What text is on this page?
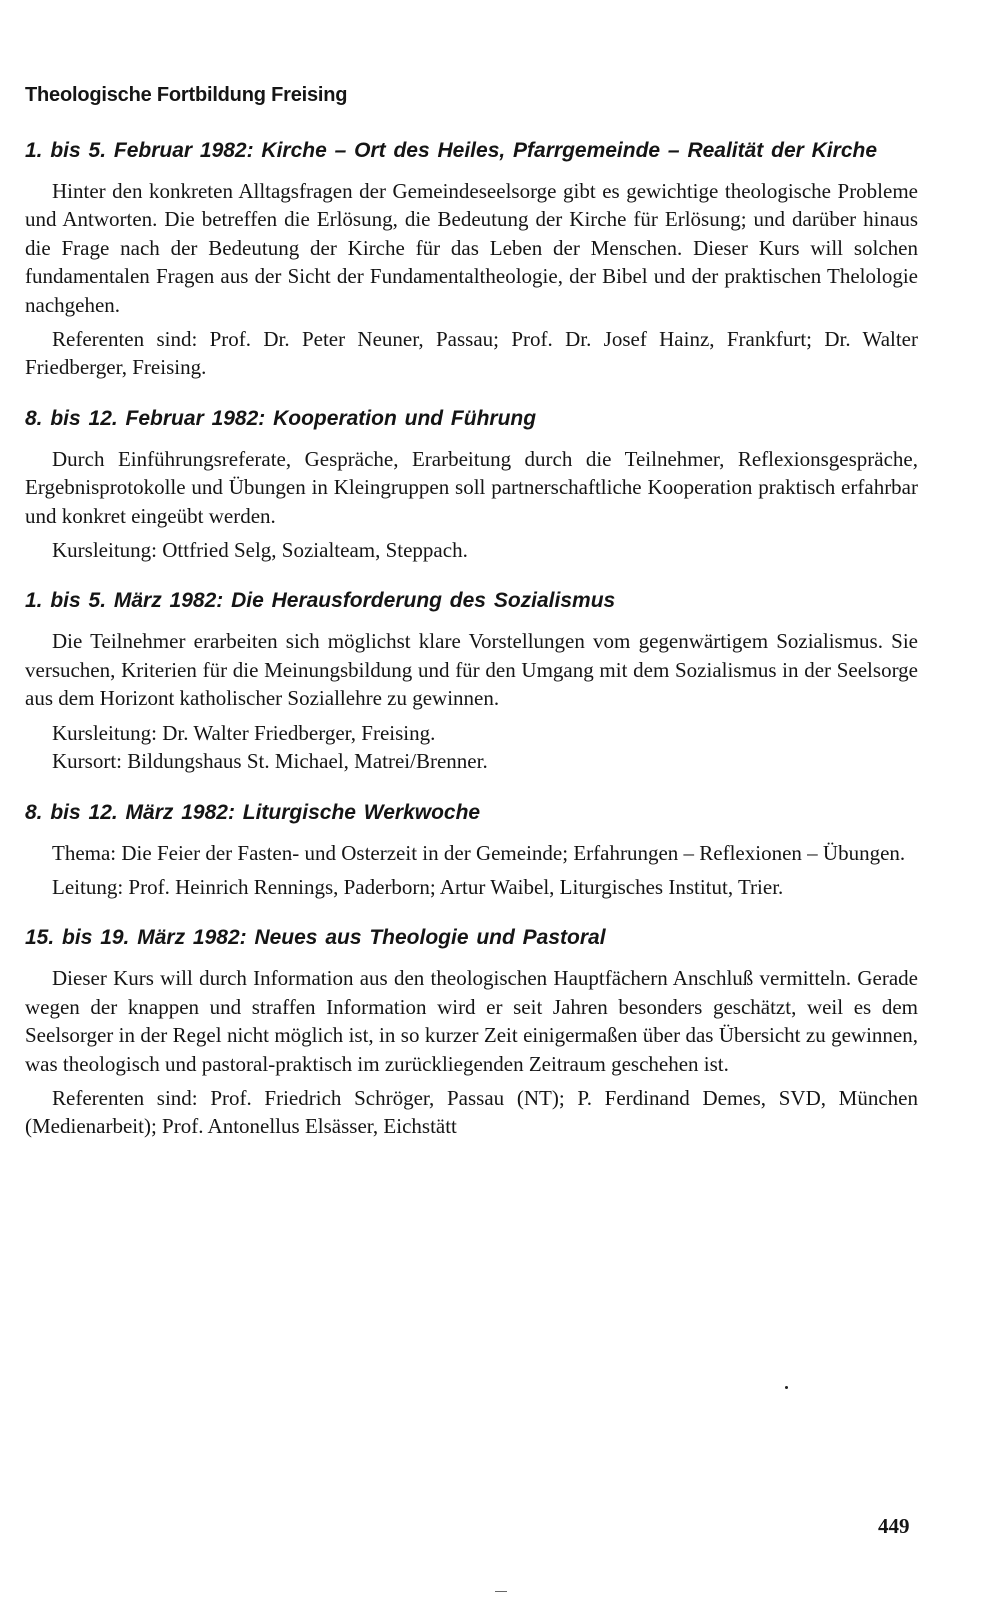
Theologische Fortbildung Freising
1. bis 5. Februar 1982: Kirche – Ort des Heiles, Pfarrgemeinde – Realität der Kirche

Hinter den konkreten Alltagsfragen der Gemeindeseelsorge gibt es gewichtige theologische Probleme und Antworten. Die betreffen die Erlösung, die Bedeutung der Kirche für Erlösung; und darüber hinaus die Frage nach der Bedeutung der Kirche für das Leben der Menschen. Dieser Kurs will solchen fundamentalen Fragen aus der Sicht der Fundamentaltheologie, der Bibel und der praktischen Thelologie nachgehen.

Referenten sind: Prof. Dr. Peter Neuner, Passau; Prof. Dr. Josef Hainz, Frankfurt; Dr. Walter Friedberger, Freising.

8. bis 12. Februar 1982: Kooperation und Führung

Durch Einführungsreferate, Gespräche, Erarbeitung durch die Teilnehmer, Reflexionsgespräche, Ergebnisprotokolle und Übungen in Kleingruppen soll partnerschaftliche Kooperation praktisch erfahrbar und konkret eingeübt werden.

Kursleitung: Ottfried Selg, Sozialteam, Steppach.

1. bis 5. März 1982: Die Herausforderung des Sozialismus

Die Teilnehmer erarbeiten sich möglichst klare Vorstellungen vom gegenwärtigem Sozialismus. Sie versuchen, Kriterien für die Meinungsbildung und für den Umgang mit dem Sozialismus in der Seelsorge aus dem Horizont katholischer Soziallehre zu gewinnen.

Kursleitung: Dr. Walter Friedberger, Freising.

Kursort: Bildungshaus St. Michael, Matrei/Brenner.

8. bis 12. März 1982: Liturgische Werkwoche

Thema: Die Feier der Fasten- und Osterzeit in der Gemeinde; Erfahrungen – Reflexionen – Übungen.

Leitung: Prof. Heinrich Rennings, Paderborn; Artur Waibel, Liturgisches Institut, Trier.

15. bis 19. März 1982: Neues aus Theologie und Pastoral

Dieser Kurs will durch Information aus den theologischen Hauptfächern Anschluß vermitteln. Gerade wegen der knappen und straffen Information wird er seit Jahren besonders geschätzt, weil es dem Seelsorger in der Regel nicht möglich ist, in so kurzer Zeit einigermaßen über das Übersicht zu gewinnen, was theologisch und pastoral-praktisch im zurückliegenden Zeitraum geschehen ist.

Referenten sind: Prof. Friedrich Schröger, Passau (NT); P. Ferdinand Demes, SVD, München (Medienarbeit); Prof. Antonellus Elsässer, Eichstätt

449
